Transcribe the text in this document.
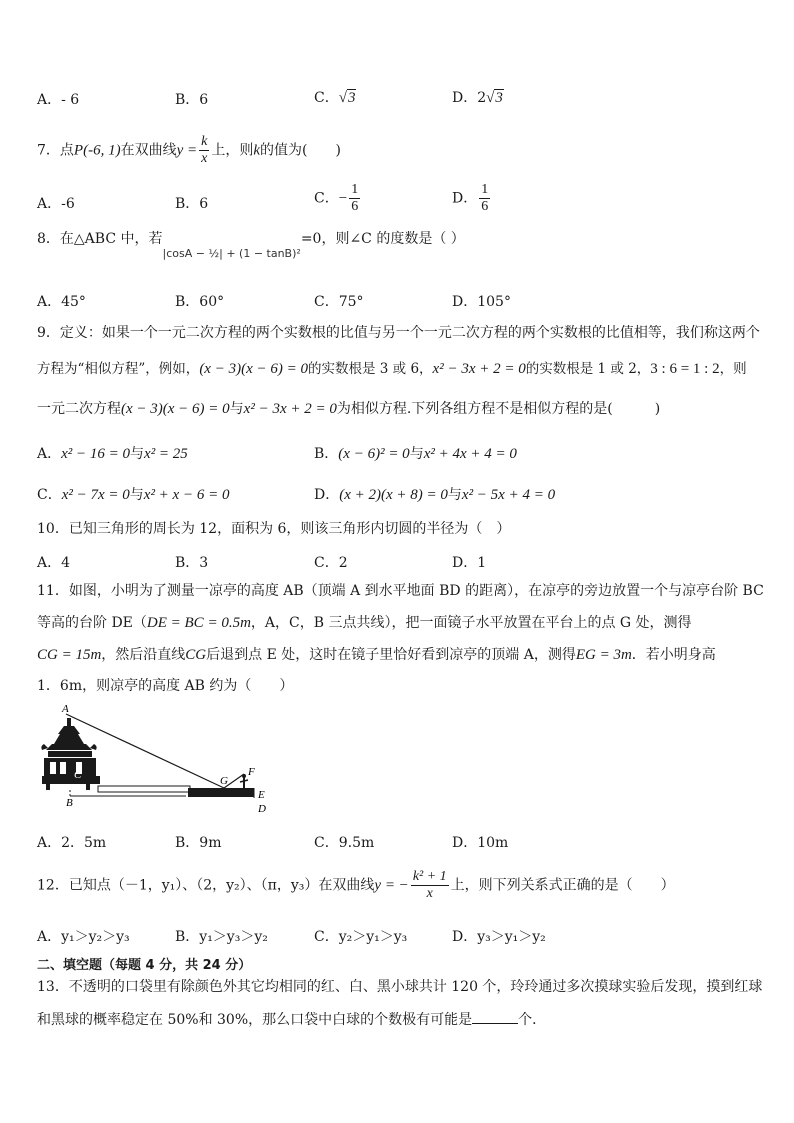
A．- 6	B．6	C．√3	D．2√3
7．点P(-6, 1)在双曲线$y = \frac{k}{x}$ 上，则k的值为(　　)
A．-6	B．6	C．− $\frac{1}{6}$	D． $\frac{1}{6}$
8．在△ABC 中，若|cosA − ½| + (1 − tanB)²=0，则∠C 的度数是（ ）
A．45°	B．60°	C．75°	D．105°
9．定义：如果一个一元二次方程的两个实数根的比值与另一个一元二次方程的两个实数根的比值相等，我们称这两个
方程为“相似方程”，例如，(x − 3)(x − 6) = 0的实数根是 3 或 6，x² − 3x + 2 = 0的实数根是 1 或 2，3 : 6 = 1 : 2，则
一元二次方程(x − 3)(x − 6) = 0与x² − 3x + 2 = 0为相似方程.下列各组方程不是相似方程的是(　　　)
A．x² − 16 = 0与x² = 25	B．(x − 6)² = 0与x² + 4x + 4 = 0
C．x² − 7x = 0与x² + x − 6 = 0	D．(x + 2)(x + 8) = 0与x² − 5x + 4 = 0
10．已知三角形的周长为 12，面积为 6，则该三角形内切圆的半径为（　）
A．4	B．3	C．2	D．1
11．如图，小明为了测量一凉亭的高度 AB（顶端 A 到水平地面 BD 的距离），在凉亭的旁边放置一个与凉亭台阶 BC
等高的台阶 DE（DE = BC = 0.5m，A，C，B 三点共线），把一面镜子水平放置在平台上的点 G 处，测得
CG = 15m，然后沿直线CG后退到点 E 处，这时在镜子里恰好看到凉亭的顶端 A，测得EG = 3m．若小明身高
1．6m，则凉亭的高度 AB 约为（　　）
A
B
C	G
F
E
D
A．2．5m	B．9m	C．9.5m	D．10m
12．已知点（－1，y₁）、（2，y₂）、（π，y₃）在双曲线y = − $\frac{\text{k² + 1}}{x}$ 上，则下列关系式正确的是（　　）
A．y₁＞y₂＞y₃	B．y₁＞y₃＞y₂	C．y₂＞y₁＞y₃	D．y₃＞y₁＞y₂
二、填空题（每题 4 分，共 24 分）
13．不透明的口袋里有除颜色外其它均相同的红、白、黑小球共计 120 个，玲玲通过多次摸球实验后发现，摸到红球
和黑球的概率稳定在 50%和 30%，那么口袋中白球的个数极有可能是	个．
